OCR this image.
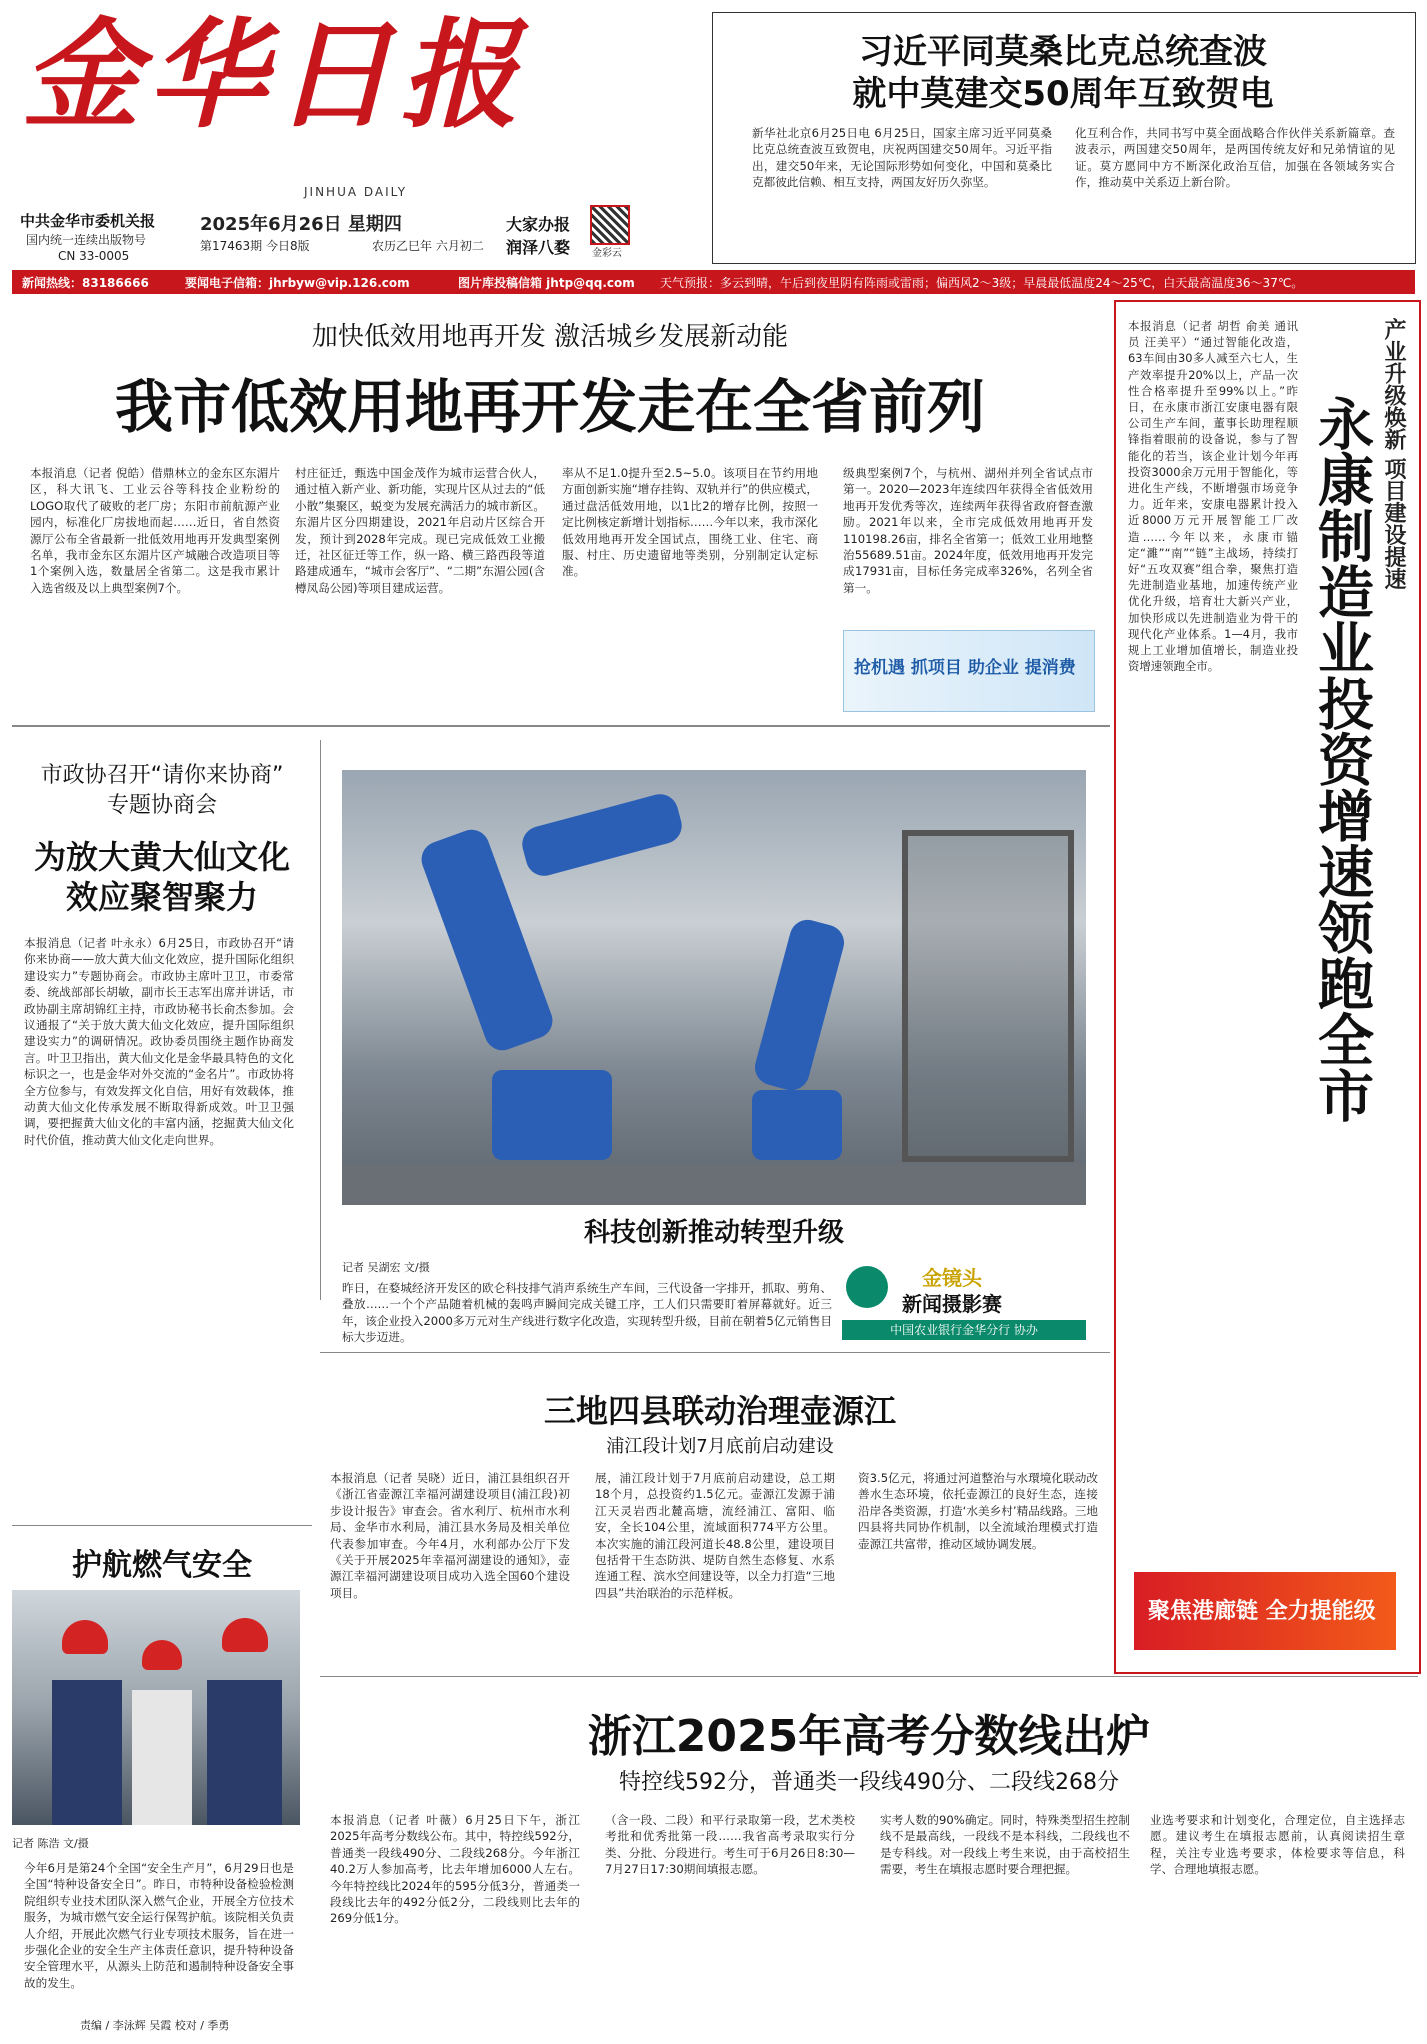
金华日报
JINHUA DAILY
中共金华市委机关报
国内统一连续出版物号
CN 33-0005
2025年6月26日 星期四
第17463期 今日8版	农历乙巳年 六月初二
大家办报
润泽八婺 金彩云
习近平同莫桑比克总统查波
就中莫建交50周年互致贺电
新华社北京6月25日电 6月25日，国家主席习近平同莫桑比克总统查波互致贺电，庆祝两国建交50周年。习近平指出，建交50年来，无论国际形势如何变化，中国和莫桑比克都彼此信赖、相互支持，两国友好历久弥坚。
化互利合作，共同书写中莫全面战略合作伙伴关系新篇章。查波表示，两国建交50周年，是两国传统友好和兄弟情谊的见证。莫方愿同中方不断深化政治互信，加强在各领域务实合作，推动莫中关系迈上新台阶。
新闻热线：83186666	要闻电子信箱：jhrbyw@vip.126.com	图片库投稿信箱 jhtp@qq.com 天气预报：多云到晴，午后到夜里阴有阵雨或雷雨；偏西风2～3级；早晨最低温度24～25℃，白天最高温度36～37℃。
加快低效用地再开发 激活城乡发展新动能
我市低效用地再开发走在全省前列
本报消息（记者 倪皓）借鼎林立的金东区东湄片区，科大讯飞、工业云谷等科技企业粉纷的LOGO取代了破败的老厂房；东阳市前航源产业园内，标准化厂房拔地而起……近日，省自然资源厅公布全省最新一批低效用地再开发典型案例名单，我市金东区东湄片区产城融合改造项目等1个案例入选，数量居全省第二。这是我市累计入选省级及以上典型案例7个。
村庄征迁，甄选中国金茂作为城市运营合伙人，通过植入新产业、新功能，实现片区从过去的“低小散”集聚区，蜕变为发展充满活力的城市新区。东湄片区分四期建设，2021年启动片区综合开发，预计到2028年完成。现已完成低效工业搬迁，社区征迁等工作，纵一路、横三路西段等道路建成通车，“城市会客厅”、“二期”东湄公园(含樽凤岛公园)等项目建成运营。
率从不足1.0提升至2.5~5.0。该项目在节约用地方面创新实施“增存挂钩、双轨并行”的供应模式，通过盘活低效用地，以1比2的增存比例，按照一定比例核定新增计划指标……今年以来，我市深化低效用地再开发全国试点，围绕工业、住宅、商服、村庄、历史遗留地等类别，分别制定认定标准。
级典型案例7个，与杭州、湖州并列全省试点市第一。2020—2023年连续四年获得全省低效用地再开发优秀等次，连续两年获得省政府督查激励。2021年以来，全市完成低效用地再开发110198.26亩，排名全省第一；低效工业用地整治55689.51亩。2024年度，低效用地再开发完成17931亩，目标任务完成率326%，名列全省第一。
抢机遇 抓项目 助企业 提消费
本报消息（记者 胡哲 俞美 通讯员 汪美平）“通过智能化改造，63车间由30多人减至六七人，生产效率提升20%以上，产品一次性合格率提升至99%以上。”昨日，在永康市浙江安康电器有限公司生产车间，董事长助理程顺锋指着眼前的设备说，参与了智能化的若当，该企业计划今年再投资3000余万元用于智能化，等进化生产线，不断增强市场竞争力。近年来，安康电器累计投入近8000万元开展智能工厂改造……今年以来，永康市锚定“濉”“南”“链”主战场，持续打好“五攻双赛”组合拳，聚焦打造先进制造业基地，加速传统产业优化升级，培育壮大新兴产业，加快形成以先进制造业为骨干的现代化产业体系。1—4月，我市规上工业增加值增长，制造业投资增速领跑全市。
产业升级焕新 项目建设提速
永康制造业投资增速领跑全市
聚焦港廊链 全力提能级
市政协召开“请你来协商”
专题协商会
为放大黄大仙文化
效应聚智聚力
本报消息（记者 叶永永）6月25日，市政协召开“请你来协商——放大黄大仙文化效应，提升国际化组织建设实力”专题协商会。市政协主席叶卫卫，市委常委、统战部部长胡敏，副市长王志军出席并讲话，市政协副主席胡锦红主持，市政协秘书长俞杰参加。会议通报了“关于放大黄大仙文化效应，提升国际组织建设实力”的调研情况。政协委员围绕主题作协商发言。叶卫卫指出，黄大仙文化是金华最具特色的文化标识之一，也是金华对外交流的“金名片”。市政协将全方位参与，有效发挥文化自信，用好有效载体，推动黄大仙文化传承发展不断取得新成效。叶卫卫强调，要把握黄大仙文化的丰富内涵，挖掘黄大仙文化时代价值，推动黄大仙文化走向世界。
护航燃气安全
记者 陈浩 文/摄
今年6月是第24个全国“安全生产月”，6月29日也是全国“特种设备安全日”。昨日，市特种设备检验检测院组织专业技术团队深入燃气企业，开展全方位技术服务，为城市燃气安全运行保驾护航。该院相关负责人介绍，开展此次燃气行业专项技术服务，旨在进一步强化企业的安全生产主体责任意识，提升特种设备安全管理水平，从源头上防范和遏制特种设备安全事故的发生。
责编 / 李泳辉 吴霞 校对 / 季勇
科技创新推动转型升级
记者 吴湖宏 文/摄
昨日，在婺城经济开发区的欧仑科技排气消声系统生产车间，三代设备一字排开，抓取、剪角、叠放……一个个产品随着机械的轰鸣声瞬间完成关键工序，工人们只需要盯着屏幕就好。近三年，该企业投入2000多万元对生产线进行数字化改造，实现转型升级，目前在朝着5亿元销售目标大步迈进。
金镜头
新闻摄影赛
中国农业银行金华分行 协办
三地四县联动治理壶源江
浦江段计划7月底前启动建设
本报消息（记者 吴晓）近日，浦江县组织召开《浙江省壶源江幸福河湖建设项目(浦江段)初步设计报告》审查会。省水利厅、杭州市水利局、金华市水利局，浦江县水务局及相关单位代表参加审查。今年4月，水利部办公厅下发《关于开展2025年幸福河湖建设的通知》，壶源江幸福河湖建设项目成功入选全国60个建设项目。
展，浦江段计划于7月底前启动建设，总工期18个月，总投资约1.5亿元。壶源江发源于浦江天灵岩西北麓高塘，流经浦江、富阳、临安，全长104公里，流域面积774平方公里。本次实施的浦江段河道长48.8公里，建设项目包括骨干生态防洪、堤防自然生态修复、水系连通工程、滨水空间建设等，以全力打造“三地四县”共治联治的示范样板。
资3.5亿元，将通过河道整治与水環境化联动改善水生态环境，依托壶源江的良好生态，连接沿岸各类资源，打造‘水美乡村’精品线路。三地四县将共同协作机制，以全流域治理模式打造壶源江共富带，推动区域协调发展。
浙江2025年高考分数线出炉
特控线592分，普通类一段线490分、二段线268分
本报消息（记者 叶薇）6月25日下午，浙江2025年高考分数线公布。其中，特控线592分，普通类一段线490分、二段线268分。今年浙江40.2万人参加高考，比去年增加6000人左右。今年特控线比2024年的595分低3分，普通类一段线比去年的492分低2分，二段线则比去年的269分低1分。
（含一段、二段）和平行录取第一段，艺术类校考批和优秀批第一段……我省高考录取实行分类、分批、分段进行。考生可于6月26日8:30—7月27日17:30期间填报志愿。
实考人数的90%确定。同时，特殊类型招生控制线不是最高线，一段线不是本科线，二段线也不是专科线。对一段线上考生来说，由于高校招生需要，考生在填报志愿时要合理把握。
业选考要求和计划变化，合理定位，自主选择志愿。建议考生在填报志愿前，认真阅读招生章程，关注专业选考要求，体检要求等信息，科学、合理地填报志愿。
